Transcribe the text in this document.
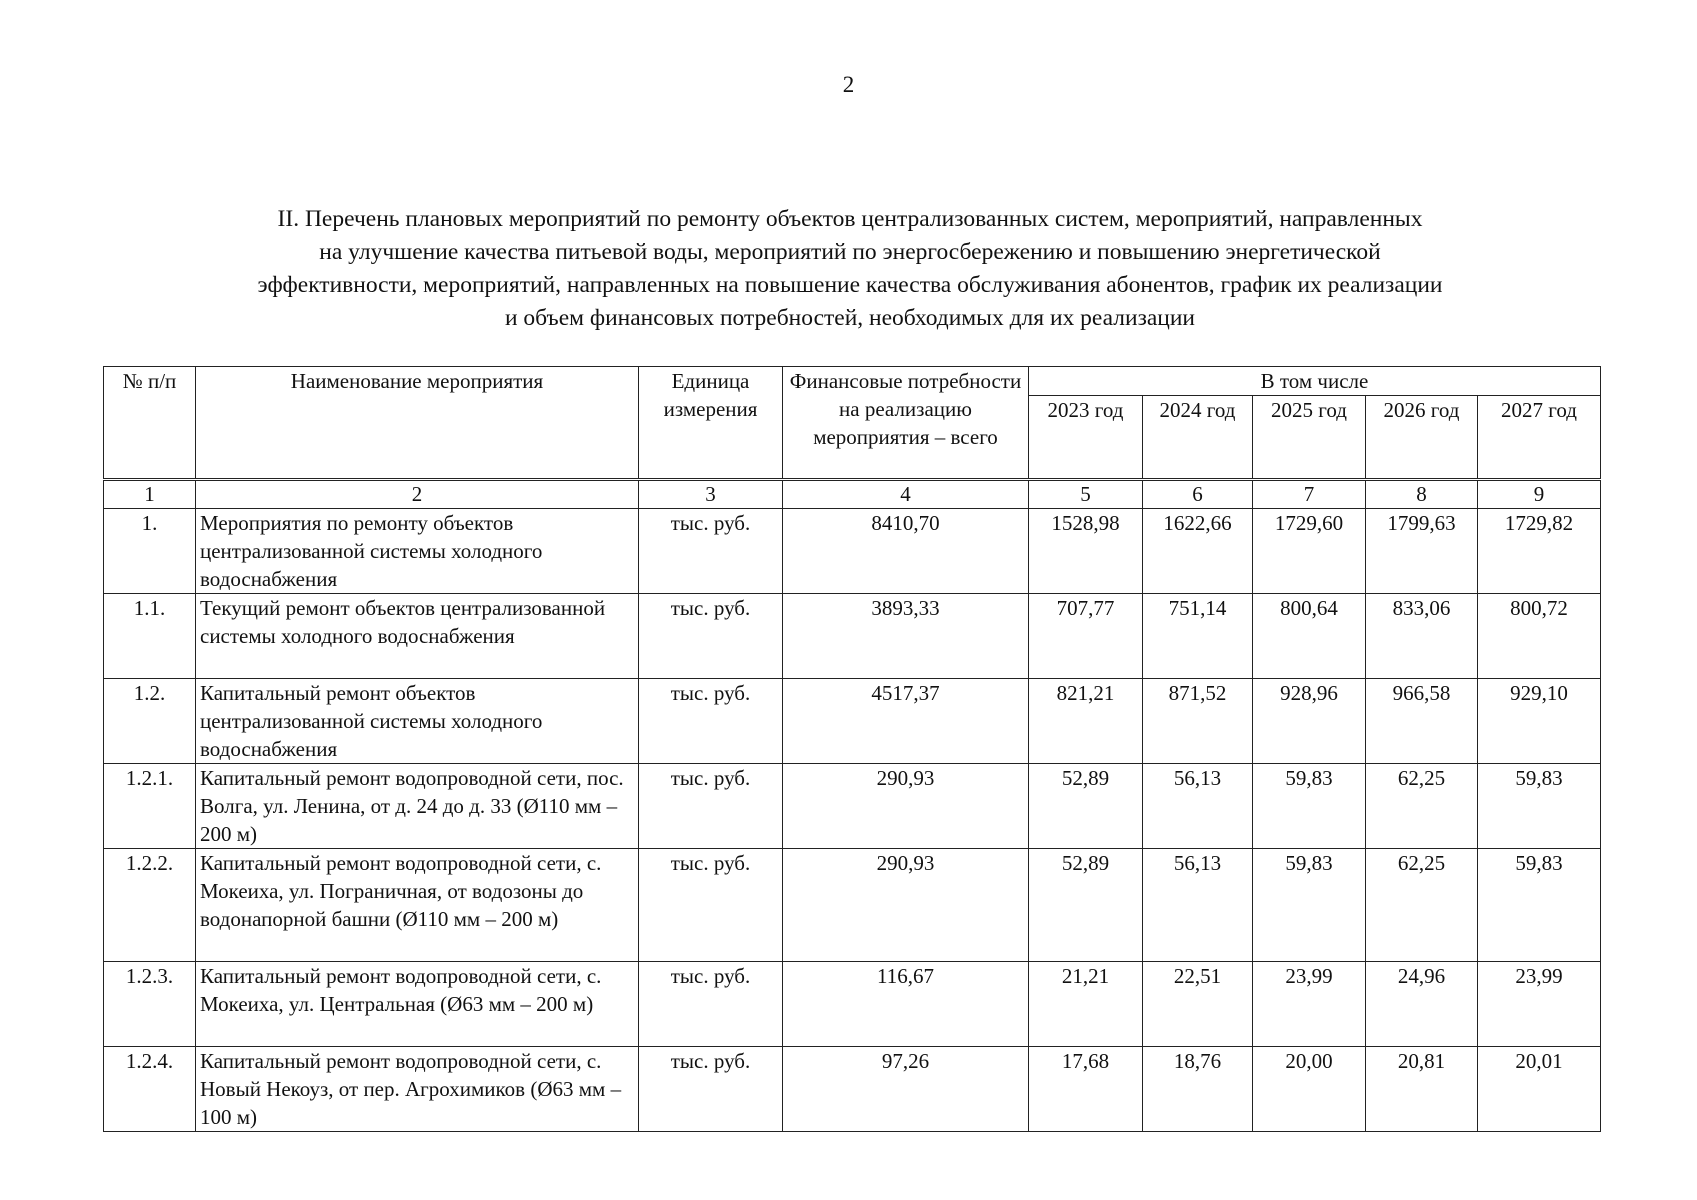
2
II. Перечень плановых мероприятий по ремонту объектов централизованных систем, мероприятий, направленных
на улучшение качества питьевой воды, мероприятий по энергосбережению и повышению энергетической
эффективности, мероприятий, направленных на повышение качества обслуживания абонентов, график их реализации
и объем финансовых потребностей, необходимых для их реализации
№ п/п	Наименование мероприятия	Единица измерения	Финансовые потребности на реализацию мероприятия – всего	В том числе				
				2023 год	2024 год	2025 год	2026 год	2027 год
1	2	3	4	5	6	7	8	9
1.	Мероприятия по ремонту объектов централизованной системы холодного водоснабжения	тыс. руб.	8410,70	1528,98	1622,66	1729,60	1799,63	1729,82
1.1.	Текущий ремонт объектов централизованной системы холодного водоснабжения	тыс. руб.	3893,33	707,77	751,14	800,64	833,06	800,72
1.2.	Капитальный ремонт объектов централизованной системы холодного водоснабжения	тыс. руб.	4517,37	821,21	871,52	928,96	966,58	929,10
1.2.1.	Капитальный ремонт водопроводной сети, пос. Волга, ул. Ленина, от д. 24 до д. 33 (Ø110 мм – 200 м)	тыс. руб.	290,93	52,89	56,13	59,83	62,25	59,83
1.2.2.	Капитальный ремонт водопроводной сети, с. Мокеиха, ул. Пограничная, от водозоны до водонапорной башни (Ø110 мм – 200 м)	тыс. руб.	290,93	52,89	56,13	59,83	62,25	59,83
1.2.3.	Капитальный ремонт водопроводной сети, с. Мокеиха, ул. Центральная (Ø63 мм – 200 м)	тыс. руб.	116,67	21,21	22,51	23,99	24,96	23,99
1.2.4.	Капитальный ремонт водопроводной сети, с. Новый Некоуз, от пер. Агрохимиков (Ø63 мм – 100 м)	тыс. руб.	97,26	17,68	18,76	20,00	20,81	20,01
